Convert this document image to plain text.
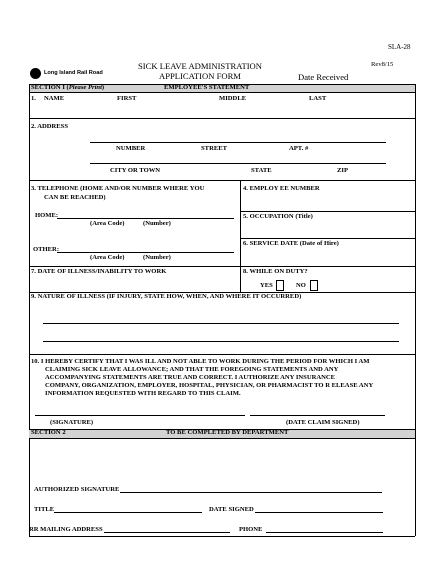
SLA-28
SICK LEAVE ADMINISTRATION
APPLICATION FORM
Rev8/15
Date Received
Long Island Rail Road
SECTION I (Please Print)	EMPLOYEE'S STATEMENT
1. NAME	FIRST	MIDDLE	LAST
2. ADDRESS
NUMBER	STREET	APT. #
CITY OR TOWN	STATE	ZIP
3. TELEPHONE (HOME AND/OR NUMBER WHERE YOU
CAN BE REACHED)
HOME:
(Area Code)	(Number)
OTHER:
(Area Code)	(Number)
4. EMPLOY EE NUMBER
5. OCCUPATION (Title)
6. SERVICE DATE (Date of Hire)
7. DATE OF ILLNESS/INABILITY TO WORK	8. WHILE ON DUTY?
YES	NO
9. NATURE OF ILLNESS (IF INJURY, STATE HOW, WHEN, AND WHERE IT OCCURRED)
10. I HEREBY CERTIFY THAT I WAS ILL AND NOT ABLE TO WORK DURING THE PERIOD FOR WHICH I AM
CLAIMING SICK LEAVE ALLOWANCE; AND THAT THE FOREGOING STATEMENTS AND ANY
ACCOMPANYING STATEMENTS ARE TRUE AND CORRECT. I AUTHORIZE ANY INSURANCE
COMPANY, ORGANIZATION, EMPLOYER, HOSPITAL, PHYSICIAN, OR PHARMACIST TO R ELEASE ANY
INFORMATION REQUESTED WITH REGARD TO THIS CLAIM.
(SIGNATURE)	(DATE CLAIM SIGNED)
SECTION 2	TO BE COMPLETED BY DEPARTMENT
AUTHORIZED SIGNATURE
TITLE	DATE SIGNED
RR MAILING ADDRESS	PHONE
